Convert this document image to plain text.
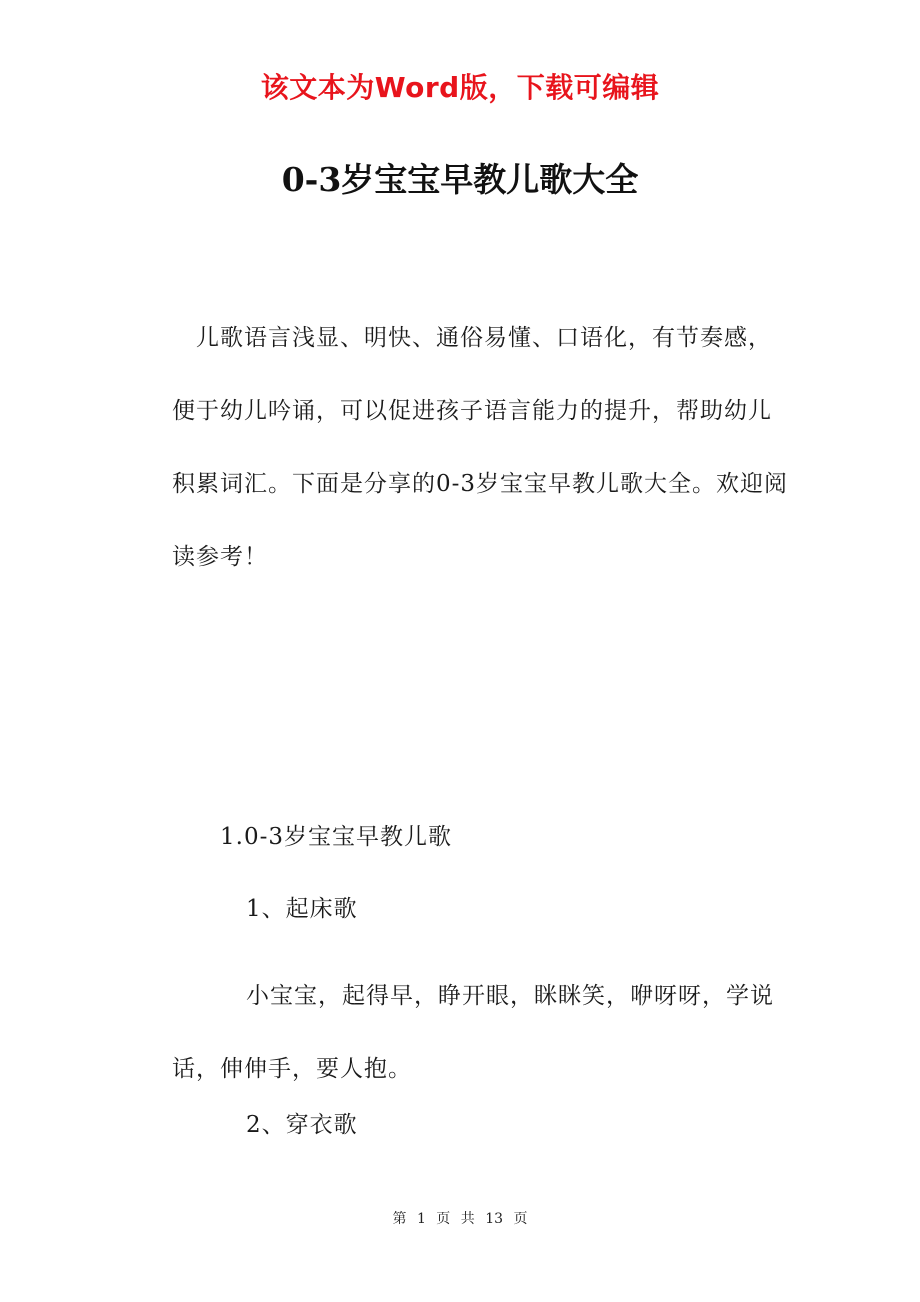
该文本为Word版，下载可编辑
0-3岁宝宝早教儿歌大全

儿歌语言浅显、明快、通俗易懂、口语化，有节奏感，便于幼儿吟诵，可以促进孩子语言能力的提升，帮助幼儿积累词汇。下面是分享的0-3岁宝宝早教儿歌大全。欢迎阅读参考！

1.0-3岁宝宝早教儿歌

1、起床歌

小宝宝，起得早，睁开眼，眯眯笑，咿呀呀，学说话，伸伸手，要人抱。

2、穿衣歌

第 1 页 共 13 页
